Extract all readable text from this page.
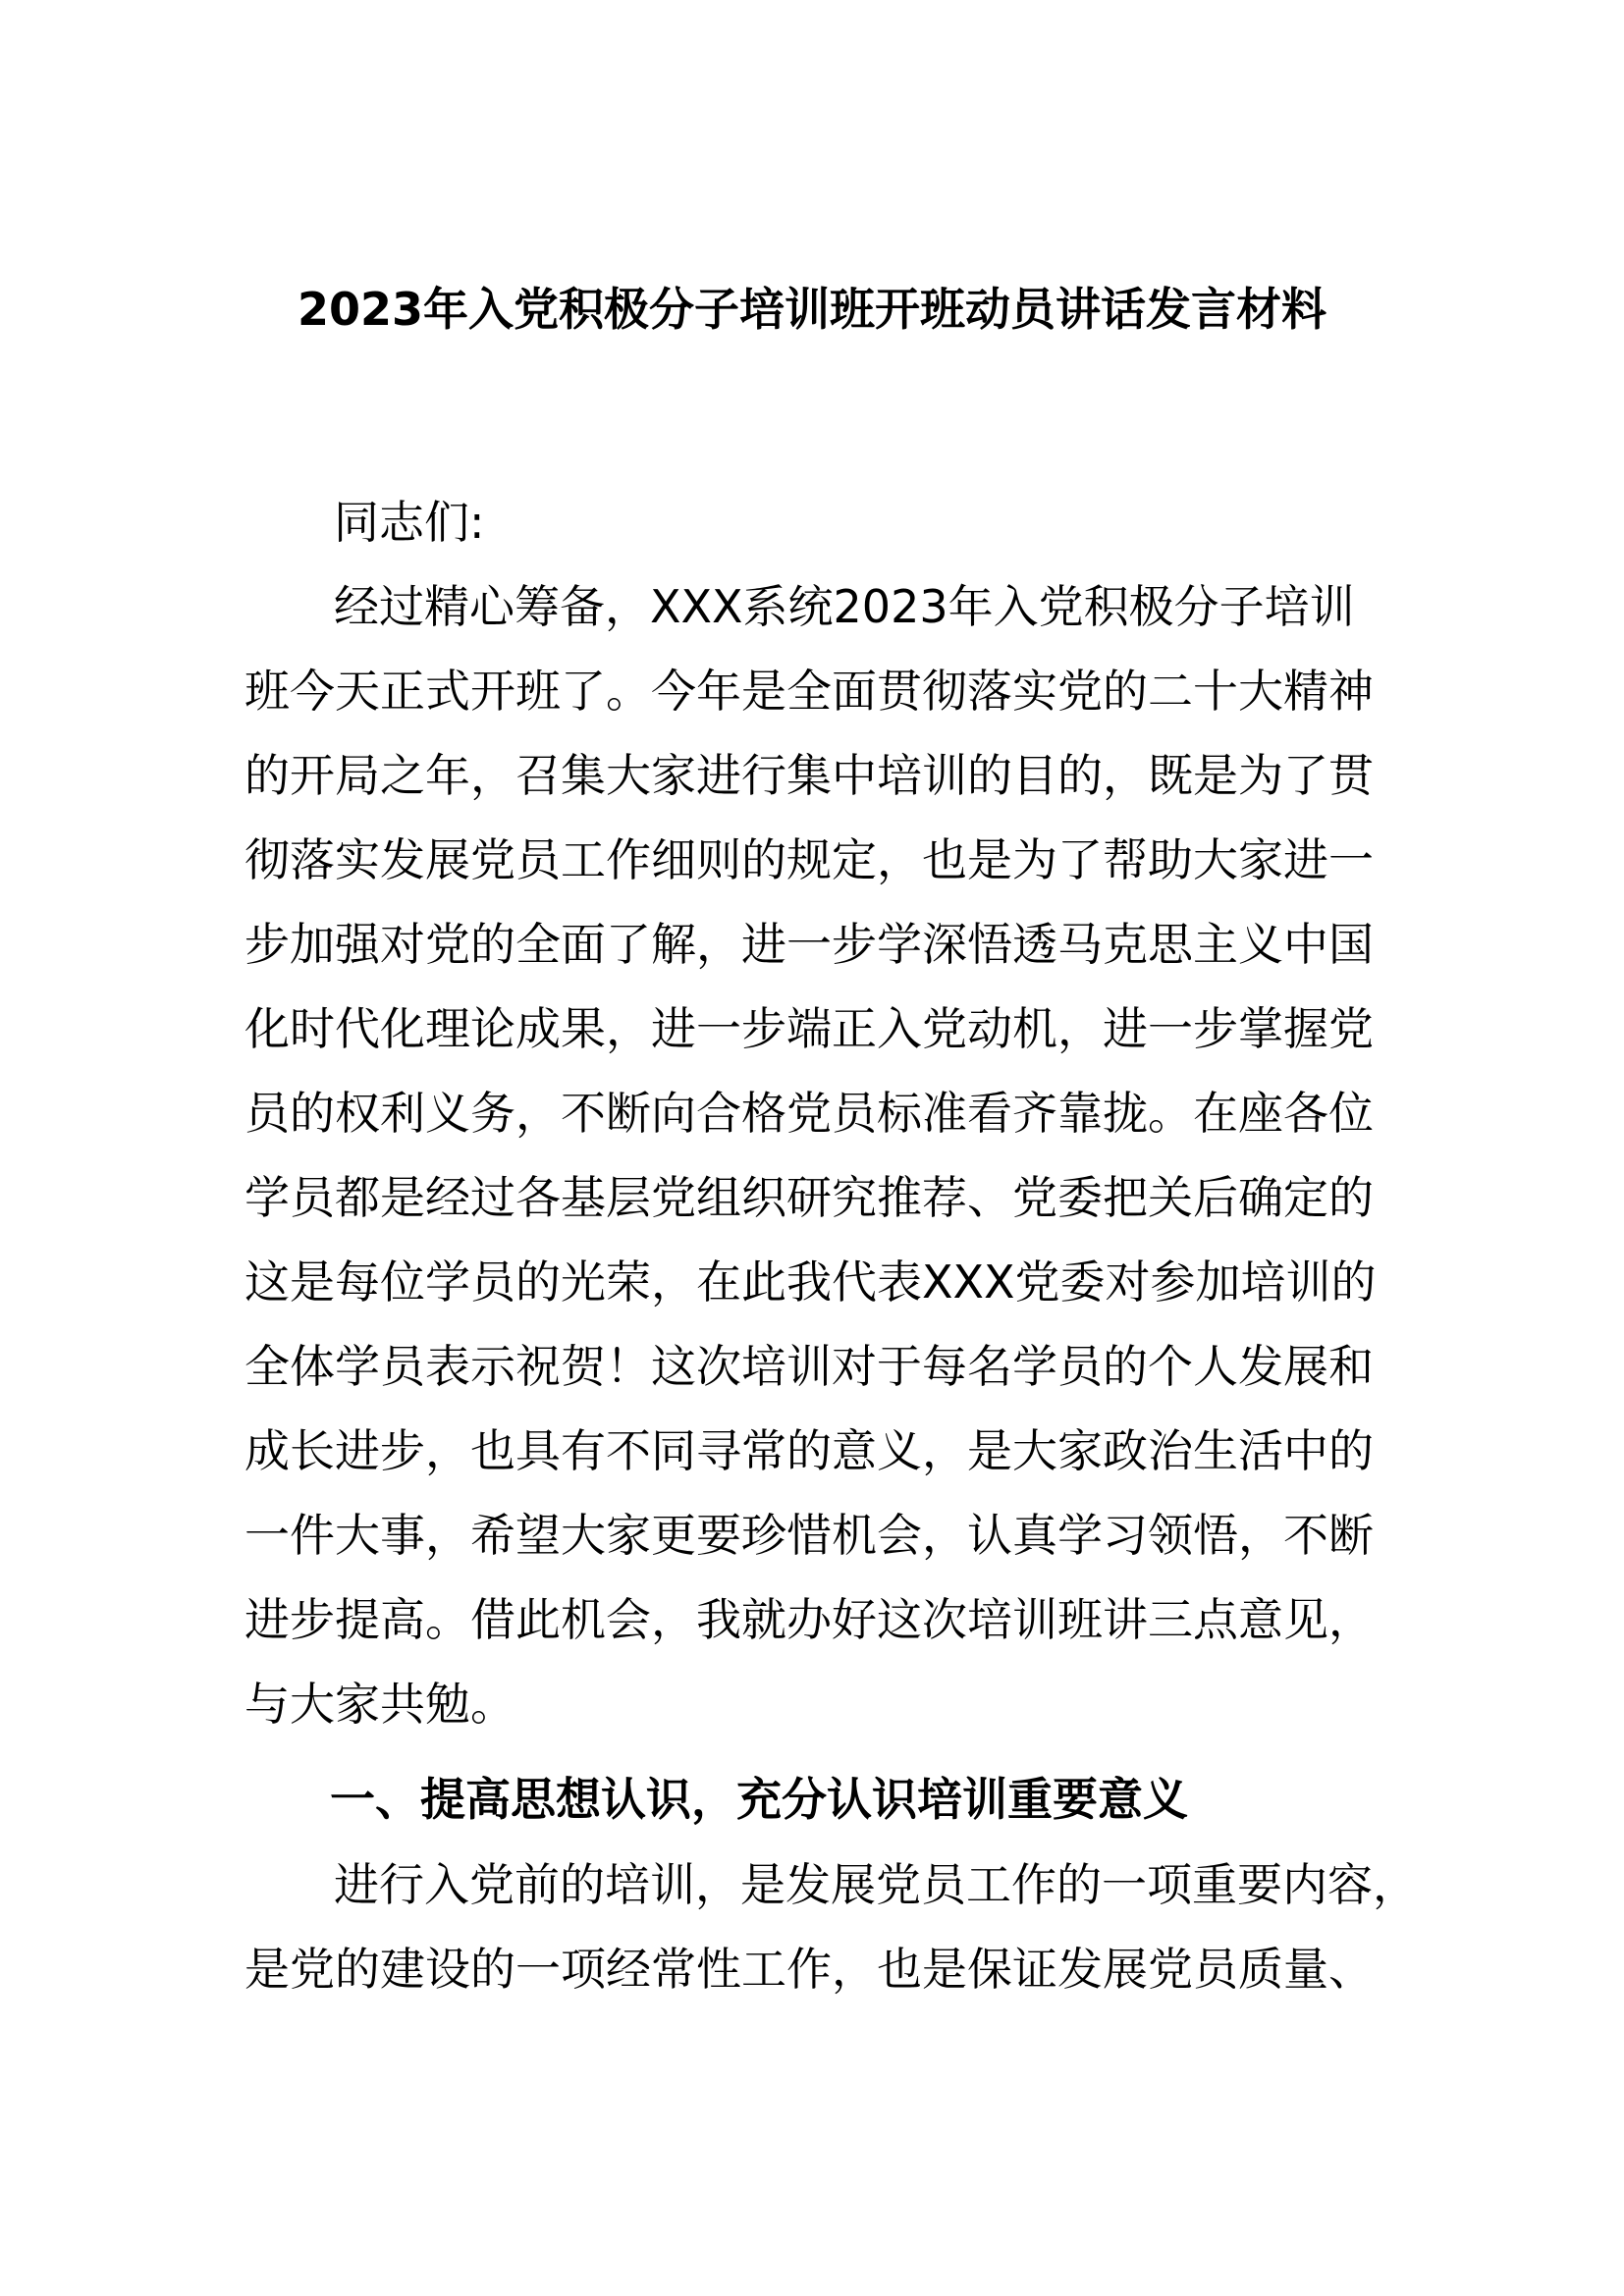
2023年入党积极分子培训班开班动员讲话发言材料
同志们:
经过精心筹备，XXX系统2023年入党积极分子培训
班今天正式开班了。今年是全面贯彻落实党的二十大精神
的开局之年，召集大家进行集中培训的目的，既是为了贯
彻落实发展党员工作细则的规定，也是为了帮助大家进一
步加强对党的全面了解，进一步学深悟透马克思主义中国
化时代化理论成果，进一步端正入党动机，进一步掌握党
员的权利义务，不断向合格党员标准看齐靠拢。在座各位
学员都是经过各基层党组织研究推荐、党委把关后确定的
这是每位学员的光荣，在此我代表XXX党委对参加培训的
全体学员表示祝贺！这次培训对于每名学员的个人发展和
成长进步，也具有不同寻常的意义，是大家政治生活中的
一件大事，希望大家更要珍惜机会，认真学习领悟，不断
进步提高。借此机会，我就办好这次培训班讲三点意见，
与大家共勉。
一、提高思想认识，充分认识培训重要意义
进行入党前的培训，是发展党员工作的一项重要内容，
是党的建设的一项经常性工作，也是保证发展党员质量、
